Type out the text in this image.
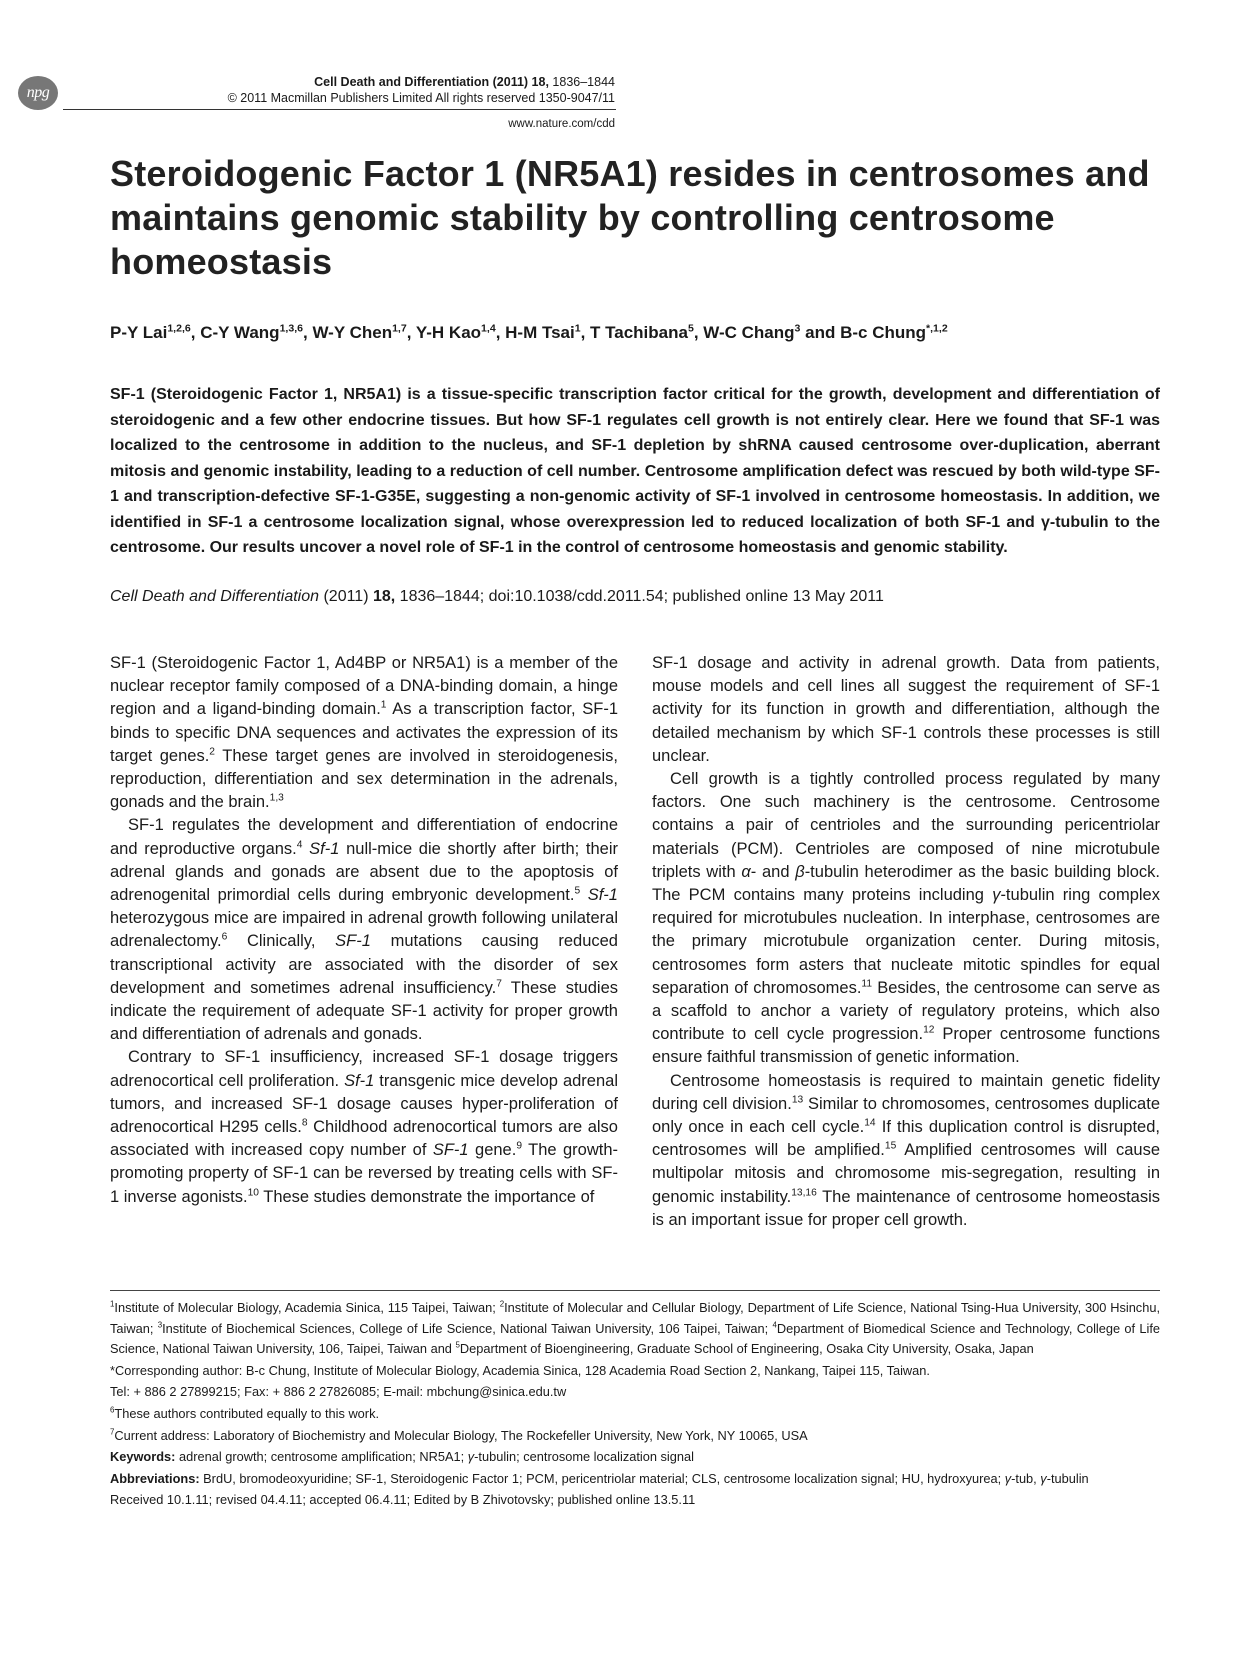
npg
Cell Death and Differentiation (2011) 18, 1836–1844
© 2011 Macmillan Publishers Limited All rights reserved 1350-9047/11
www.nature.com/cdd
Steroidogenic Factor 1 (NR5A1) resides in centrosomes and maintains genomic stability by controlling centrosome homeostasis
P-Y Lai$^{1,2,6}$, C-Y Wang$^{1,3,6}$, W-Y Chen$^{1,7}$, Y-H Kao$^{1,4}$, H-M Tsai$^1$, T Tachibana$^5$, W-C Chang$^3$ and B-c Chung$^{*,1,2}$

SF-1 (Steroidogenic Factor 1, NR5A1) is a tissue-specific transcription factor critical for the growth, development and differentiation of steroidogenic and a few other endocrine tissues. But how SF-1 regulates cell growth is not entirely clear. Here we found that SF-1 was localized to the centrosome in addition to the nucleus, and SF-1 depletion by shRNA caused centrosome over-duplication, aberrant mitosis and genomic instability, leading to a reduction of cell number. Centrosome amplification defect was rescued by both wild-type SF-1 and transcription-defective SF-1-G35E, suggesting a non-genomic activity of SF-1 involved in centrosome homeostasis. In addition, we identified in SF-1 a centrosome localization signal, whose overexpression led to reduced localization of both SF-1 and γ-tubulin to the centrosome. Our results uncover a novel role of SF-1 in the control of centrosome homeostasis and genomic stability.

Cell Death and Differentiation (2011) 18, 1836–1844; doi:10.1038/cdd.2011.54; published online 13 May 2011

SF-1 (Steroidogenic Factor 1, Ad4BP or NR5A1) is a member of the nuclear receptor family composed of a DNA-binding domain, a hinge region and a ligand-binding domain.$^1$ As a transcription factor, SF-1 binds to specific DNA sequences and activates the expression of its target genes.$^2$ These target genes are involved in steroidogenesis, reproduction, differentiation and sex determination in the adrenals, gonads and the brain.$^{1,3}$

SF-1 regulates the development and differentiation of endocrine and reproductive organs.$^4$ Sf-1 null-mice die shortly after birth; their adrenal glands and gonads are absent due to the apoptosis of adrenogenital primordial cells during embryonic development.$^5$ Sf-1 heterozygous mice are impaired in adrenal growth following unilateral adrenalectomy.$^6$ Clinically, SF-1 mutations causing reduced transcriptional activity are associated with the disorder of sex development and sometimes adrenal insufficiency.$^7$ These studies indicate the requirement of adequate SF-1 activity for proper growth and differentiation of adrenals and gonads.

Contrary to SF-1 insufficiency, increased SF-1 dosage triggers adrenocortical cell proliferation. Sf-1 transgenic mice develop adrenal tumors, and increased SF-1 dosage causes hyper-proliferation of adrenocortical H295 cells.$^8$ Childhood adrenocortical tumors are also associated with increased copy number of SF-1 gene.$^9$ The growth-promoting property of SF-1 can be reversed by treating cells with SF-1 inverse agonists.$^{10}$ These studies demonstrate the importance of

SF-1 dosage and activity in adrenal growth. Data from patients, mouse models and cell lines all suggest the requirement of SF-1 activity for its function in growth and differentiation, although the detailed mechanism by which SF-1 controls these processes is still unclear.

Cell growth is a tightly controlled process regulated by many factors. One such machinery is the centrosome. Centrosome contains a pair of centrioles and the surrounding pericentriolar materials (PCM). Centrioles are composed of nine microtubule triplets with α- and β-tubulin heterodimer as the basic building block. The PCM contains many proteins including γ-tubulin ring complex required for microtubules nucleation. In interphase, centrosomes are the primary microtubule organization center. During mitosis, centrosomes form asters that nucleate mitotic spindles for equal separation of chromosomes.$^{11}$ Besides, the centrosome can serve as a scaffold to anchor a variety of regulatory proteins, which also contribute to cell cycle progression.$^{12}$ Proper centrosome functions ensure faithful transmission of genetic information.

Centrosome homeostasis is required to maintain genetic fidelity during cell division.$^{13}$ Similar to chromosomes, centrosomes duplicate only once in each cell cycle.$^{14}$ If this duplication control is disrupted, centrosomes will be amplified.$^{15}$ Amplified centrosomes will cause multipolar mitosis and chromosome mis-segregation, resulting in genomic instability.$^{13,16}$ The maintenance of centrosome homeostasis is an important issue for proper cell growth.

$^1$Institute of Molecular Biology, Academia Sinica, 115 Taipei, Taiwan; $^2$Institute of Molecular and Cellular Biology, Department of Life Science, National Tsing-Hua University, 300 Hsinchu, Taiwan; $^3$Institute of Biochemical Sciences, College of Life Science, National Taiwan University, 106 Taipei, Taiwan; $^4$Department of Biomedical Science and Technology, College of Life Science, National Taiwan University, 106, Taipei, Taiwan and $^5$Department of Bioengineering, Graduate School of Engineering, Osaka City University, Osaka, Japan

*Corresponding author: B-c Chung, Institute of Molecular Biology, Academia Sinica, 128 Academia Road Section 2, Nankang, Taipei 115, Taiwan.

Tel: + 886 2 27899215; Fax: + 886 2 27826085; E-mail: mbchung@sinica.edu.tw

$^6$These authors contributed equally to this work.

$^7$Current address: Laboratory of Biochemistry and Molecular Biology, The Rockefeller University, New York, NY 10065, USA

Keywords: adrenal growth; centrosome amplification; NR5A1; γ-tubulin; centrosome localization signal

Abbreviations: BrdU, bromodeoxyuridine; SF-1, Steroidogenic Factor 1; PCM, pericentriolar material; CLS, centrosome localization signal; HU, hydroxyurea; γ-tub, γ-tubulin

Received 10.1.11; revised 04.4.11; accepted 06.4.11; Edited by B Zhivotovsky; published online 13.5.11
